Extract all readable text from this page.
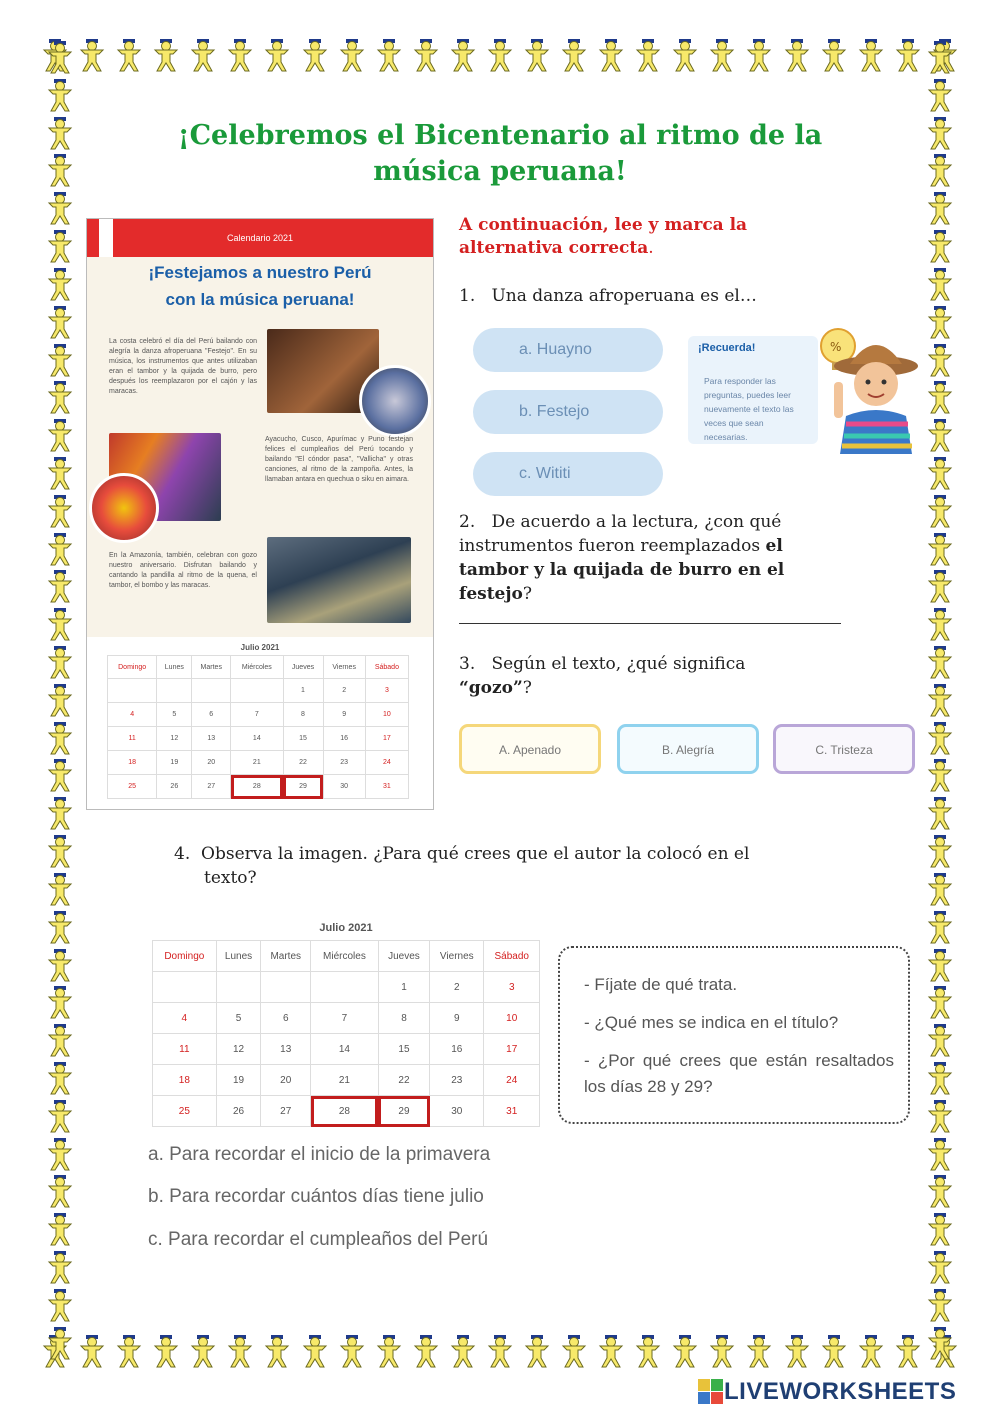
¡Celebremos el Bicentenario al ritmo de la
música peruana!
Calendario 2021
¡Festejamos a nuestro Perú
con la música peruana!
La costa celebró el día del Perú bailando con alegría la danza afroperuana "Festejo". En su música, los instrumentos que antes utilizaban eran el tambor y la quijada de burro, pero después los reemplazaron por el cajón y las maracas.
Ayacucho, Cusco, Apurímac y Puno festejan felices el cumpleaños del Perú tocando y bailando "El cóndor pasa", "Vallicha" y otras canciones, al ritmo de la zampoña. Antes, la llamaban antara en quechua o siku en aimara.
En la Amazonía, también, celebran con gozo nuestro aniversario. Disfrutan bailando y cantando la pandilla al ritmo de la quena, el tambor, el bombo y las maracas.
Julio 2021
Domingo	Lunes	Martes	Miércoles	Jueves	Viernes	Sábado
				1	2	3
4	5	6	7	8	9	10
11	12	13	14	15	16	17
18	19	20	21	22	23	24
25	26	27	28	29	30	31
A continuación, lee y marca la
alternativa correcta.
1. Una danza afroperuana es el…
a. Huayno
b. Festejo
c. Wititi
¡Recuerda!
Para responder las preguntas, puedes leer nuevamente el texto las veces que sean necesarias.
%
2. De acuerdo a la lectura, ¿con qué
instrumentos fueron reemplazados el
tambor y la quijada de burro en el
festejo?
3. Según el texto, ¿qué significa
“gozo”?
A. Apenado	B. Alegría	C. Tristeza
4. Observa la imagen. ¿Para qué crees que el autor la colocó en el
texto?
Julio 2021
Domingo	Lunes	Martes	Miércoles	Jueves	Viernes	Sábado
				1	2	3
4	5	6	7	8	9	10
11	12	13	14	15	16	17
18	19	20	21	22	23	24
25	26	27	28	29	30	31
- Fíjate de qué trata.
- ¿Qué mes se indica en el título?
- ¿Por qué crees que están resaltados los días 28 y 29?
a. Para recordar el inicio de la primavera
b. Para recordar cuántos días tiene julio
c. Para recordar el cumpleaños del Perú
LIVEWORKSHEETS
